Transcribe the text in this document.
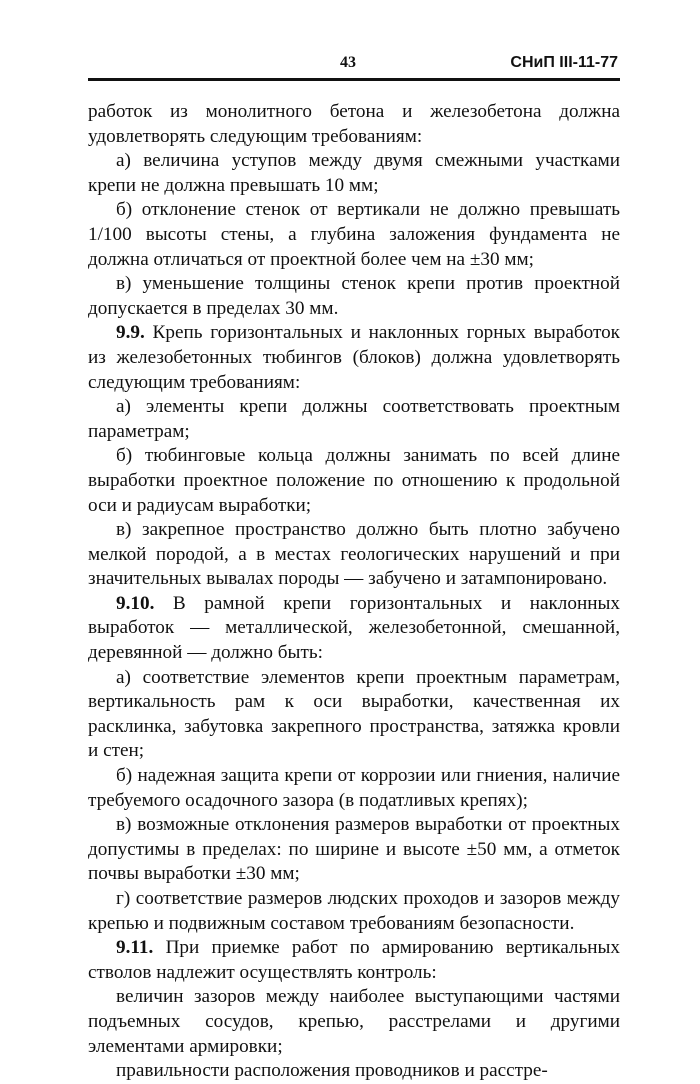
43	СНиП III-11-77

работок из монолитного бетона и железобетона должна удовлетворять следующим требованиям:

а) величина уступов между двумя смежными участками крепи не должна превышать 10 мм;

б) отклонение стенок от вертикали не должно превышать 1/100 высоты стены, а глубина заложения фундамента не должна отличаться от проектной более чем на ±30 мм;

в) уменьшение толщины стенок крепи против проектной допускается в пределах 30 мм.

9.9. Крепь горизонтальных и наклонных горных выработок из железобетонных тюбингов (блоков) должна удовлетворять следующим требованиям:

а) элементы крепи должны соответствовать проектным параметрам;

б) тюбинговые кольца должны занимать по всей длине выработки проектное положение по отношению к продольной оси и радиусам выработки;

в) закрепное пространство должно быть плотно забучено мелкой породой, а в местах геологических нарушений и при значительных вывалах породы — забучено и затампонировано.

9.10. В рамной крепи горизонтальных и наклонных выработок — металлической, железобетонной, смешанной, деревянной — должно быть:

а) соответствие элементов крепи проектным параметрам, вертикальность рам к оси выработки, качественная их расклинка, забутовка закрепного пространства, затяжка кровли и стен;

б) надежная защита крепи от коррозии или гниения, наличие требуемого осадочного зазора (в податливых крепях);

в) возможные отклонения размеров выработки от проектных допустимы в пределах: по ширине и высоте ±50 мм, а отметок почвы выработки ±30 мм;

г) соответствие размеров людских проходов и зазоров между крепью и подвижным составом требованиям безопасности.

9.11. При приемке работ по армированию вертикальных стволов надлежит осуществлять контроль:

величин зазоров между наиболее выступающими частями подъемных сосудов, крепью, расстрелами и другими элементами армировки;

правильности расположения проводников и расстре-
